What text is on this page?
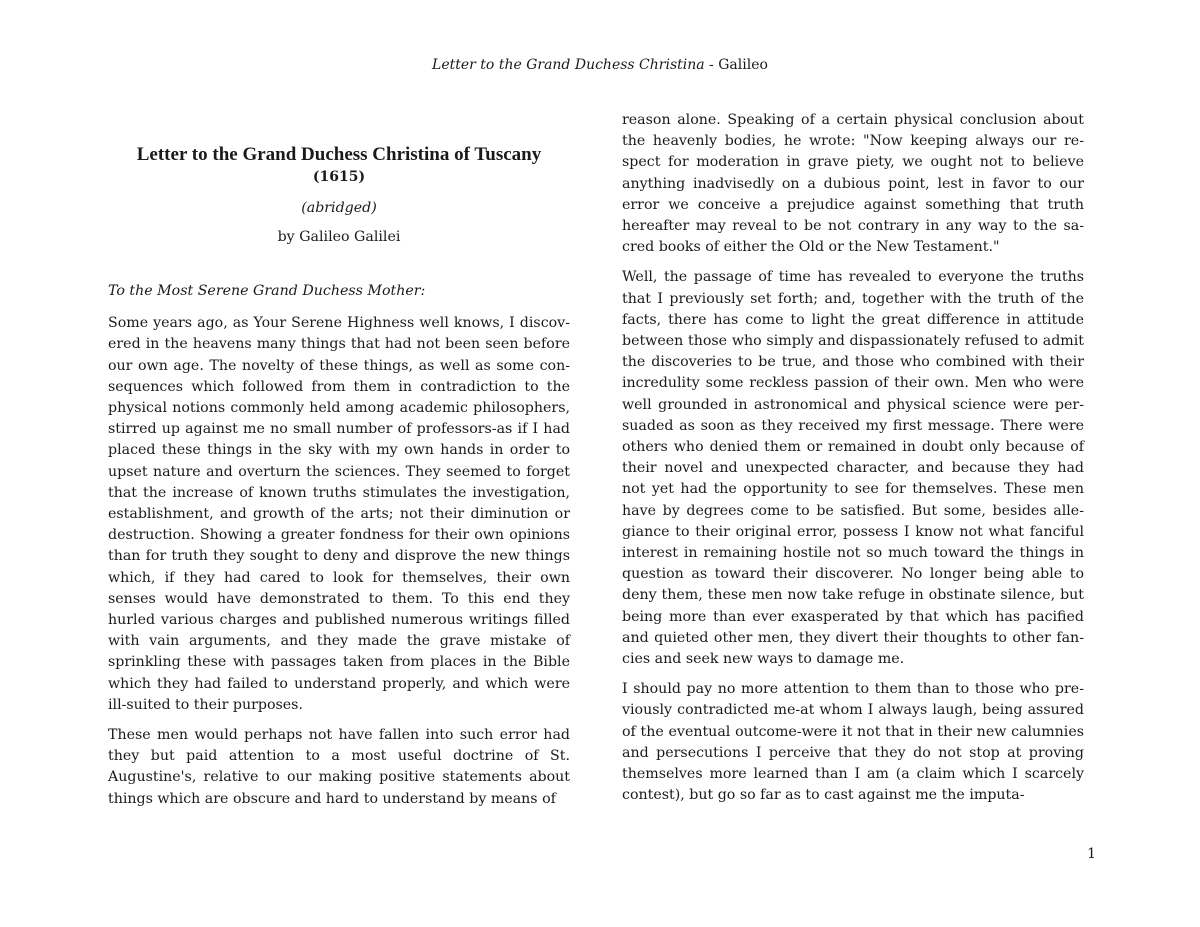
Letter to the Grand Duchess Christina - Galileo
Letter to the Grand Duchess Christina of Tuscany
(1615)
(abridged)
by Galileo Galilei
To the Most Serene Grand Duchess Mother:

Some years ago, as Your Serene Highness well knows, I discovered in the heavens many things that had not been seen before our own age. The novelty of these things, as well as some consequences which followed from them in contradiction to the physical notions commonly held among academic philosophers, stirred up against me no small number of professors-as if I had placed these things in the sky with my own hands in order to upset nature and overturn the sciences. They seemed to forget that the increase of known truths stimulates the investigation, establishment, and growth of the arts; not their diminution or destruction. Showing a greater fondness for their own opinions than for truth they sought to deny and disprove the new things which, if they had cared to look for themselves, their own senses would have demonstrated to them. To this end they hurled various charges and published numerous writings filled with vain arguments, and they made the grave mistake of sprinkling these with passages taken from places in the Bible which they had failed to understand properly, and which were ill-suited to their purposes.

These men would perhaps not have fallen into such error had they but paid attention to a most useful doctrine of St. Augustine's, relative to our making positive statements about things which are obscure and hard to understand by means of

reason alone. Speaking of a certain physical conclusion about the heavenly bodies, he wrote: "Now keeping always our respect for moderation in grave piety, we ought not to believe anything inadvisedly on a dubious point, lest in favor to our error we conceive a prejudice against something that truth hereafter may reveal to be not contrary in any way to the sacred books of either the Old or the New Testament."

Well, the passage of time has revealed to everyone the truths that I previously set forth; and, together with the truth of the facts, there has come to light the great difference in attitude between those who simply and dispassionately refused to admit the discoveries to be true, and those who combined with their incredulity some reckless passion of their own. Men who were well grounded in astronomical and physical science were persuaded as soon as they received my first message. There were others who denied them or remained in doubt only because of their novel and unexpected character, and because they had not yet had the opportunity to see for themselves. These men have by degrees come to be satisfied. But some, besides allegiance to their original error, possess I know not what fanciful interest in remaining hostile not so much toward the things in question as toward their discoverer. No longer being able to deny them, these men now take refuge in obstinate silence, but being more than ever exasperated by that which has pacified and quieted other men, they divert their thoughts to other fancies and seek new ways to damage me.

I should pay no more attention to them than to those who previously contradicted me-at whom I always laugh, being assured of the eventual outcome-were it not that in their new calumnies and persecutions I perceive that they do not stop at proving themselves more learned than I am (a claim which I scarcely contest), but go so far as to cast against me the imputa-

1
